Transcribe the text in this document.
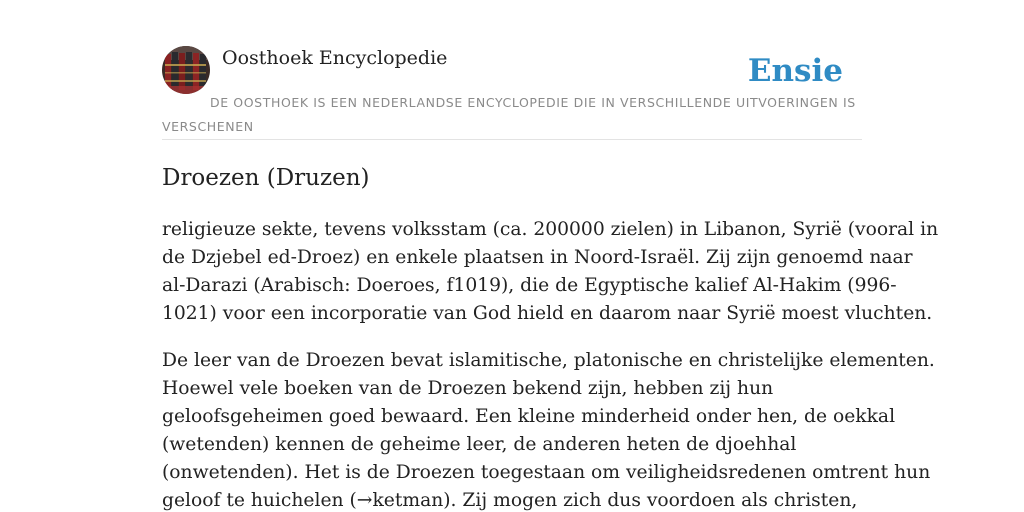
Oosthoek Encyclopedie	Ensie
DE OOSTHOEK IS EEN NEDERLANDSE ENCYCLOPEDIE DIE IN VERSCHILLENDE UITVOERINGEN IS VERSCHENEN
Droezen (Druzen)

religieuze sekte, tevens volksstam (ca. 200000 zielen) in Libanon, Syrië (vooral in
de Dzjebel ed-Droez) en enkele plaatsen in Noord-Israël. Zij zijn genoemd naar
al-Darazi (Arabisch: Doeroes, f1019), die de Egyptische kalief Al-Hakim (996-
1021) voor een incorporatie van God hield en daarom naar Syrië moest vluchten.

De leer van de Droezen bevat islamitische, platonische en christelijke elementen.
Hoewel vele boeken van de Droezen bekend zijn, hebben zij hun
geloofsgeheimen goed bewaard. Een kleine minderheid onder hen, de oekkal
(wetenden) kennen de geheime leer, de anderen heten de djoehhal
(onwetenden). Het is de Droezen toegestaan om veiligheidsredenen omtrent hun
geloof te huichelen (→ketman). Zij mogen zich dus voordoen als christen,
